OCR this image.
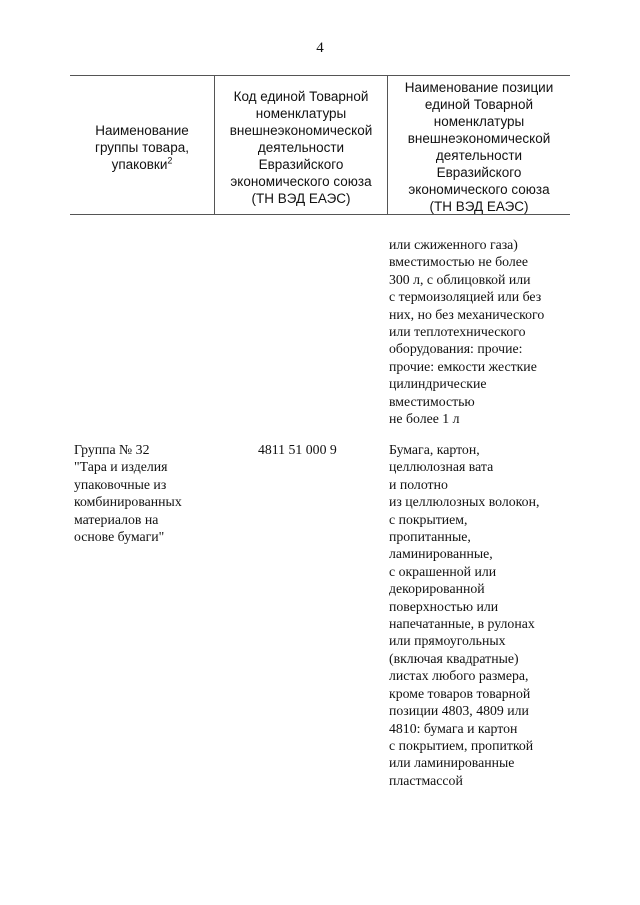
4
Наименование
группы товара,
упаковки$^2$
Код единой Товарной
номенклатуры
внешнеэкономической
деятельности
Евразийского
экономического союза
(ТН ВЭД ЕАЭС)
Наименование позиции
единой Товарной
номенклатуры
внешнеэкономической
деятельности
Евразийского
экономического союза
(ТН ВЭД ЕАЭС)
или сжиженного газа)
вместимостью не более
300 л, с облицовкой или
с термоизоляцией или без
них, но без механического
или теплотехнического
оборудования: прочие:
прочие: емкости жесткие
цилиндрические
вместимостью
не более 1 л
Группа № 32
"Тара и изделия
упаковочные из
комбинированных
материалов на
основе бумаги"
4811 51 000 9	Бумага, картон,
целлюлозная вата
и полотно
из целлюлозных волокон,
с покрытием,
пропитанные,
ламинированные,
с окрашенной или
декорированной
поверхностью или
напечатанные, в рулонах
или прямоугольных
(включая квадратные)
листах любого размера,
кроме товаров товарной
позиции 4803, 4809 или
4810: бумага и картон
с покрытием, пропиткой
или ламинированные
пластмассой
